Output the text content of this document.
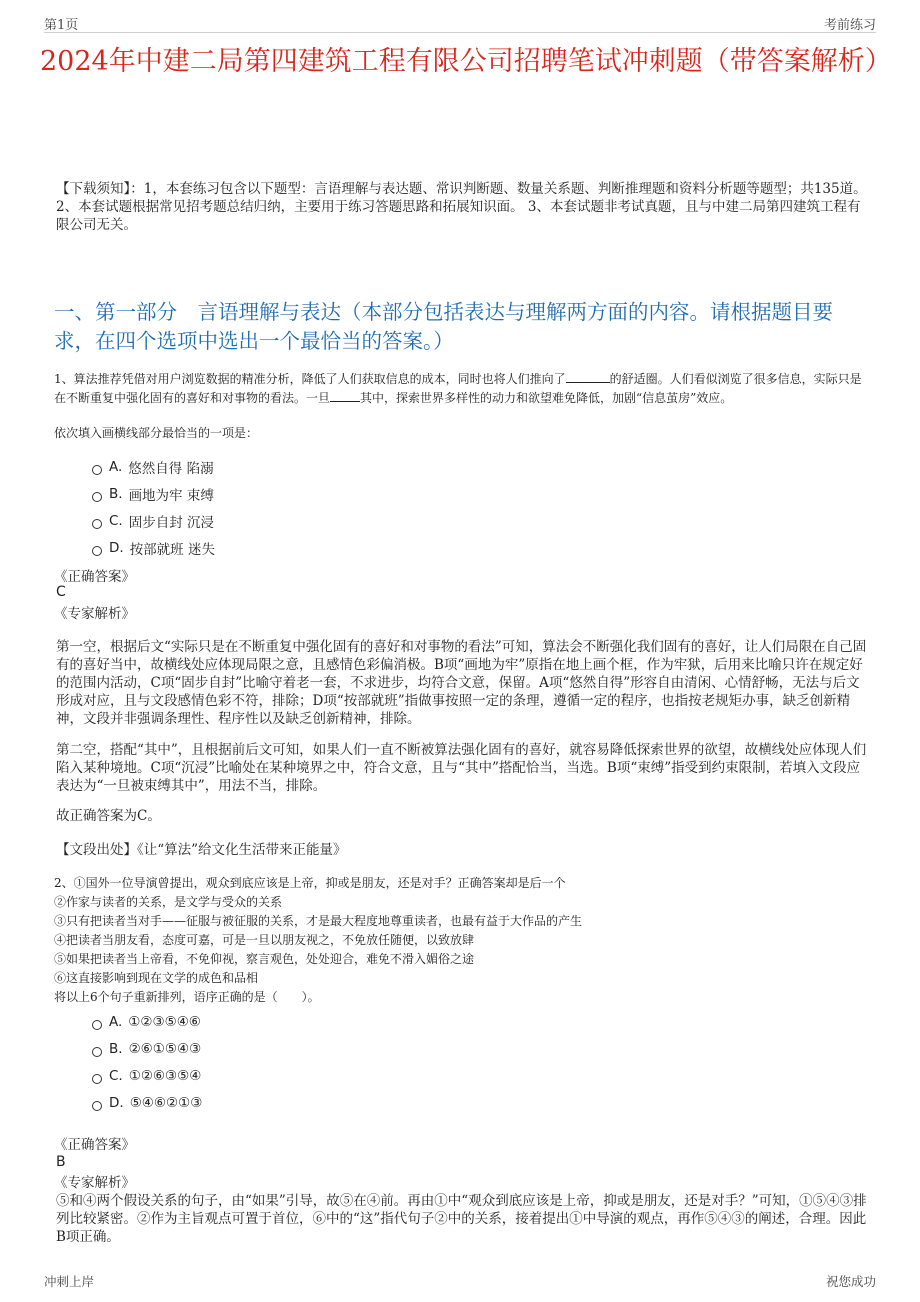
第1页	考前练习
2024年中建二局第四建筑工程有限公司招聘笔试冲刺题（带答案解析）

【下载须知】：1，本套练习包含以下题型：言语理解与表达题、常识判断题、数量关系题、判断推理题和资料分析题等题型；共135道。 2、本套试题根据常见招考题总结归纳，主要用于练习答题思路和拓展知识面。 3、本套试题非考试真题，且与中建二局第四建筑工程有限公司无关。

一、第一部分　言语理解与表达（本部分包括表达与理解两方面的内容。请根据题目要求，在四个选项中选出一个最恰当的答案。）

1、算法推荐凭借对用户浏览数据的精准分析，降低了人们获取信息的成本，同时也将人们推向了	的舒适圈。人们看似浏览了很多信息，实际只是在不断重复中强化固有的喜好和对事物的看法。一旦	其中，探索世界多样性的动力和欲望难免降低，加剧“信息茧房”效应。

依次填入画横线部分最恰当的一项是：

A. 悠然自得 陷溺
B. 画地为牢 束缚
C. 固步自封 沉浸
D. 按部就班 迷失
《正确答案》
C
《专家解析》

第一空，根据后文“实际只是在不断重复中强化固有的喜好和对事物的看法”可知，算法会不断强化我们固有的喜好，让人们局限在自己固有的喜好当中，故横线处应体现局限之意，且感情色彩偏消极。B项“画地为牢”原指在地上画个框，作为牢狱，后用来比喻只许在规定好的范围内活动，C项“固步自封”比喻守着老一套，不求进步，均符合文意，保留。A项“悠然自得”形容自由清闲、心情舒畅，无法与后文形成对应，且与文段感情色彩不符，排除；D项“按部就班”指做事按照一定的条理，遵循一定的程序，也指按老规矩办事，缺乏创新精神，文段并非强调条理性、程序性以及缺乏创新精神，排除。

第二空，搭配“其中”，且根据前后文可知，如果人们一直不断被算法强化固有的喜好，就容易降低探索世界的欲望，故横线处应体现人们陷入某种境地。C项“沉浸”比喻处在某种境界之中，符合文意，且与“其中”搭配恰当，当选。B项“束缚”指受到约束限制，若填入文段应表达为“一旦被束缚其中”，用法不当，排除。

故正确答案为C。

【文段出处】《让“算法”给文化生活带来正能量》

2、①国外一位导演曾提出，观众到底应该是上帝，抑或是朋友，还是对手？正确答案却是后一个
②作家与读者的关系，是文学与受众的关系
③只有把读者当对手——征服与被征服的关系，才是最大程度地尊重读者，也最有益于大作品的产生
④把读者当朋友看，态度可嘉，可是一旦以朋友视之，不免放任随便，以致放肆
⑤如果把读者当上帝看，不免仰视，察言观色，处处迎合，难免不滑入媚俗之途
⑥这直接影响到现在文学的成色和品相
将以上6个句子重新排列，语序正确的是（　　）。
A. ①②③⑤④⑥
B. ②⑥①⑤④③
C. ①②⑥③⑤④
D. ⑤④⑥②①③
《正确答案》
B
《专家解析》

⑤和④两个假设关系的句子，由“如果”引导，故⑤在④前。再由①中“观众到底应该是上帝，抑或是朋友，还是对手？”可知，①⑤④③排列比较紧密。②作为主旨观点可置于首位，⑥中的“这”指代句子②中的关系，接着提出①中导演的观点，再作⑤④③的阐述，合理。因此B项正确。

冲刺上岸	祝您成功
